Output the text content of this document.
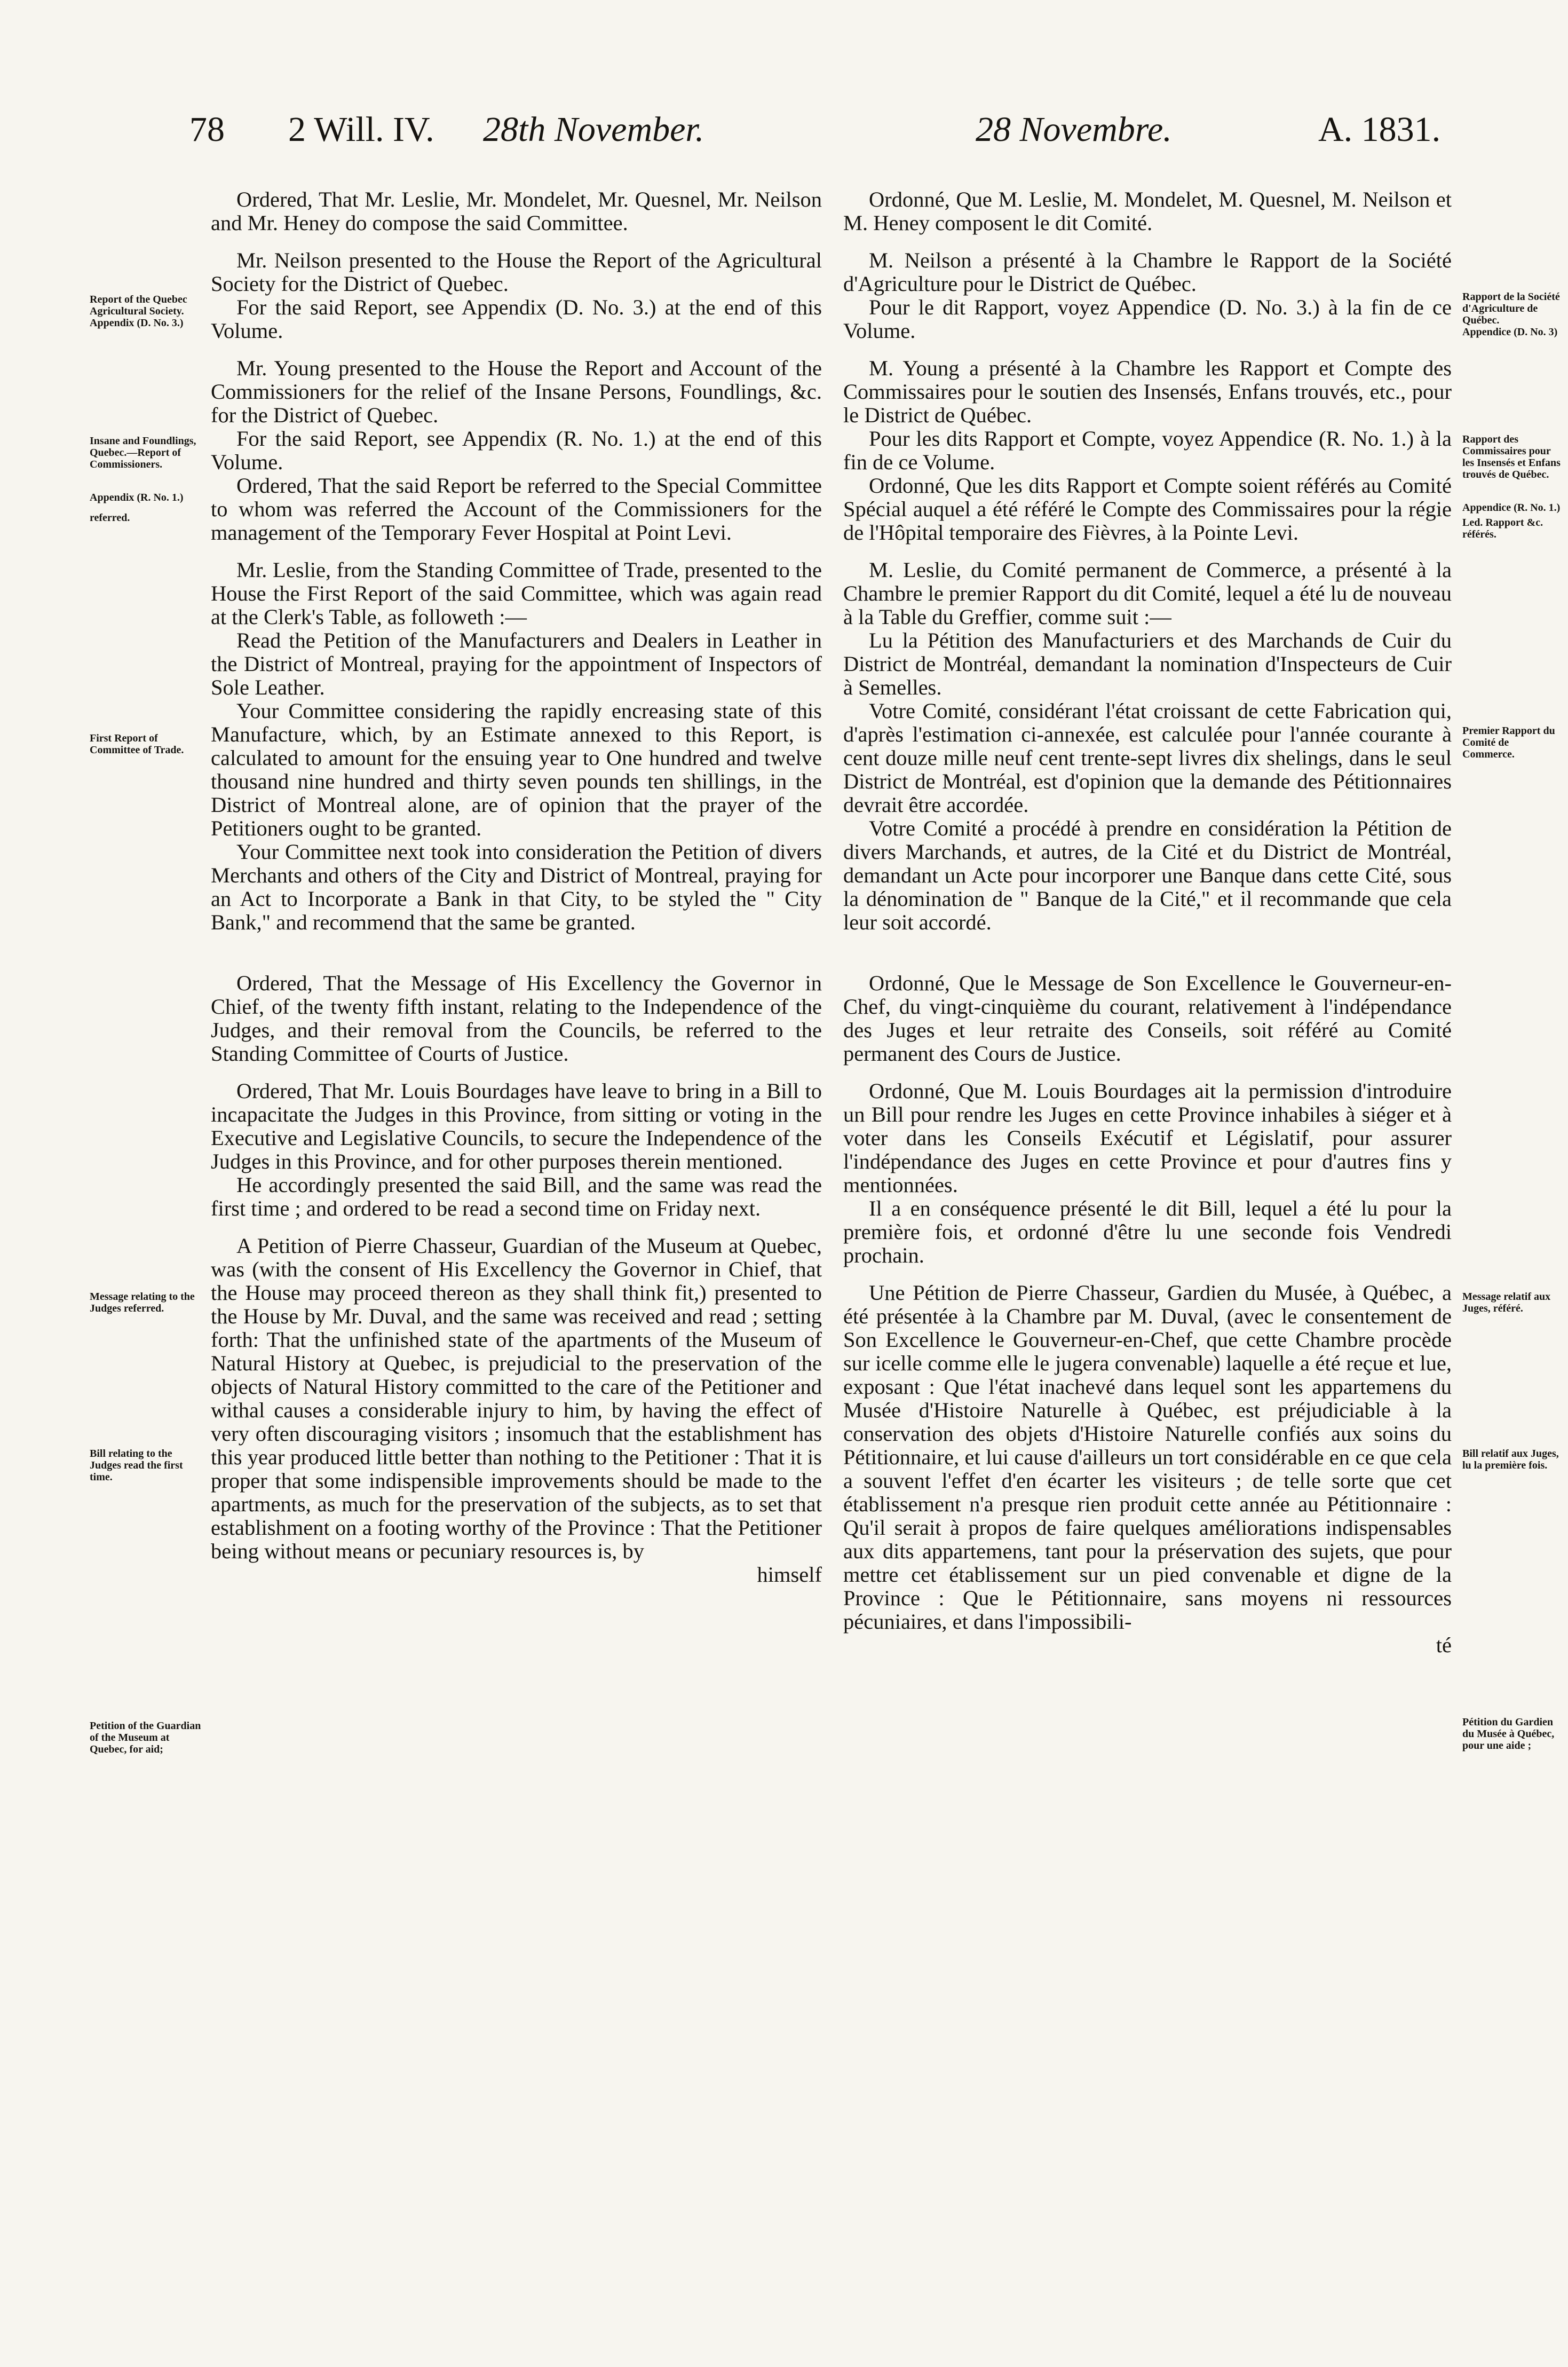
78 2 Will. IV. 28th November.	28 Novembre.	A. 1831.
Report of the Quebec Agricultural Society.
Appendix (D. No. 3.)
Insane and Foundlings, Quebec.—Report of Commissioners.
Appendix (R. No. 1.)
referred.
First Report of Committee of Trade.
Message relating to the Judges referred.
Bill relating to the Judges read the first time.
Petition of the Guardian of the Museum at Quebec, for aid;
Rapport de la Société d'Agriculture de Québec.
Appendice (D. No. 3)
Rapport des Commissaires pour les Insensés et Enfans trouvés de Québec.
Appendice (R. No. 1.)
Led. Rapport &c. référés.
Premier Rapport du Comité de Commerce.
Message relatif aux Juges, référé.
Bill relatif aux Juges, lu la première fois.
Pétition du Gardien du Musée à Québec, pour une aide ;

Ordered, That Mr. Leslie, Mr. Mondelet, Mr. Quesnel, Mr. Neilson and Mr. Heney do compose the said Committee.

Mr. Neilson presented to the House the Report of the Agricultural Society for the District of Quebec.

For the said Report, see Appendix (D. No. 3.) at the end of this Volume.

Mr. Young presented to the House the Report and Account of the Commissioners for the relief of the Insane Persons, Foundlings, &c. for the District of Quebec.

For the said Report, see Appendix (R. No. 1.) at the end of this Volume.

Ordered, That the said Report be referred to the Special Committee to whom was referred the Account of the Commissioners for the management of the Temporary Fever Hospital at Point Levi.

Mr. Leslie, from the Standing Committee of Trade, presented to the House the First Report of the said Committee, which was again read at the Clerk's Table, as followeth :—

Read the Petition of the Manufacturers and Dealers in Leather in the District of Montreal, praying for the appointment of Inspectors of Sole Leather.

Your Committee considering the rapidly encreasing state of this Manufacture, which, by an Estimate annexed to this Report, is calculated to amount for the ensuing year to One hundred and twelve thousand nine hundred and thirty seven pounds ten shillings, in the District of Montreal alone, are of opinion that the prayer of the Petitioners ought to be granted.

Your Committee next took into consideration the Petition of divers Merchants and others of the City and District of Montreal, praying for an Act to Incorporate a Bank in that City, to be styled the " City Bank," and recommend that the same be granted.

Ordered, That the Message of His Excellency the Governor in Chief, of the twenty fifth instant, relating to the Independence of the Judges, and their removal from the Councils, be referred to the Standing Committee of Courts of Justice.

Ordered, That Mr. Louis Bourdages have leave to bring in a Bill to incapacitate the Judges in this Province, from sitting or voting in the Executive and Legislative Councils, to secure the Independence of the Judges in this Province, and for other purposes therein mentioned.

He accordingly presented the said Bill, and the same was read the first time ; and ordered to be read a second time on Friday next.

A Petition of Pierre Chasseur, Guardian of the Museum at Quebec, was (with the consent of His Excellency the Governor in Chief, that the House may proceed thereon as they shall think fit,) presented to the House by Mr. Duval, and the same was received and read ; setting forth: That the unfinished state of the apartments of the Museum of Natural History at Quebec, is prejudicial to the preservation of the objects of Natural History committed to the care of the Petitioner and withal causes a considerable injury to him, by having the effect of very often discouraging visitors ; insomuch that the establishment has this year produced little better than nothing to the Petitioner : That it is proper that some indispensible improvements should be made to the apartments, as much for the preservation of the subjects, as to set that establishment on a footing worthy of the Province : That the Petitioner being without means or pecuniary resources is, by

himself

Ordonné, Que M. Leslie, M. Mondelet, M. Quesnel, M. Neilson et M. Heney composent le dit Comité.

M. Neilson a présenté à la Chambre le Rapport de la Société d'Agriculture pour le District de Québec.

Pour le dit Rapport, voyez Appendice (D. No. 3.) à la fin de ce Volume.

M. Young a présenté à la Chambre les Rapport et Compte des Commissaires pour le soutien des Insensés, Enfans trouvés, etc., pour le District de Québec.

Pour les dits Rapport et Compte, voyez Appendice (R. No. 1.) à la fin de ce Volume.

Ordonné, Que les dits Rapport et Compte soient référés au Comité Spécial auquel a été référé le Compte des Commissaires pour la régie de l'Hôpital temporaire des Fièvres, à la Pointe Levi.

M. Leslie, du Comité permanent de Commerce, a présenté à la Chambre le premier Rapport du dit Comité, lequel a été lu de nouveau à la Table du Greffier, comme suit :—

Lu la Pétition des Manufacturiers et des Marchands de Cuir du District de Montréal, demandant la nomination d'Inspecteurs de Cuir à Semelles.

Votre Comité, considérant l'état croissant de cette Fabrication qui, d'après l'estimation ci-annexée, est calculée pour l'année courante à cent douze mille neuf cent trente-sept livres dix shelings, dans le seul District de Montréal, est d'opinion que la demande des Pétitionnaires devrait être accordée.

Votre Comité a procédé à prendre en considération la Pétition de divers Marchands, et autres, de la Cité et du District de Montréal, demandant un Acte pour incorporer une Banque dans cette Cité, sous la dénomination de " Banque de la Cité," et il recommande que cela leur soit accordé.

Ordonné, Que le Message de Son Excellence le Gouverneur-en-Chef, du vingt-cinquième du courant, relativement à l'indépendance des Juges et leur retraite des Conseils, soit référé au Comité permanent des Cours de Justice.

Ordonné, Que M. Louis Bourdages ait la permission d'introduire un Bill pour rendre les Juges en cette Province inhabiles à siéger et à voter dans les Conseils Exécutif et Législatif, pour assurer l'indépendance des Juges en cette Province et pour d'autres fins y mentionnées.

Il a en conséquence présenté le dit Bill, lequel a été lu pour la première fois, et ordonné d'être lu une seconde fois Vendredi prochain.

Une Pétition de Pierre Chasseur, Gardien du Musée, à Québec, a été présentée à la Chambre par M. Duval, (avec le consentement de Son Excellence le Gouverneur-en-Chef, que cette Chambre procède sur icelle comme elle le jugera convenable) laquelle a été reçue et lue, exposant : Que l'état inachevé dans lequel sont les appartemens du Musée d'Histoire Naturelle à Québec, est préjudiciable à la conservation des objets d'Histoire Naturelle confiés aux soins du Pétitionnaire, et lui cause d'ailleurs un tort considérable en ce que cela a souvent l'effet d'en écarter les visiteurs ; de telle sorte que cet établissement n'a presque rien produit cette année au Pétitionnaire : Qu'il serait à propos de faire quelques améliorations indispensables aux dits appartemens, tant pour la préservation des sujets, que pour mettre cet établissement sur un pied convenable et digne de la Province : Que le Pétitionnaire, sans moyens ni ressources pécuniaires, et dans l'impossibili-

té
